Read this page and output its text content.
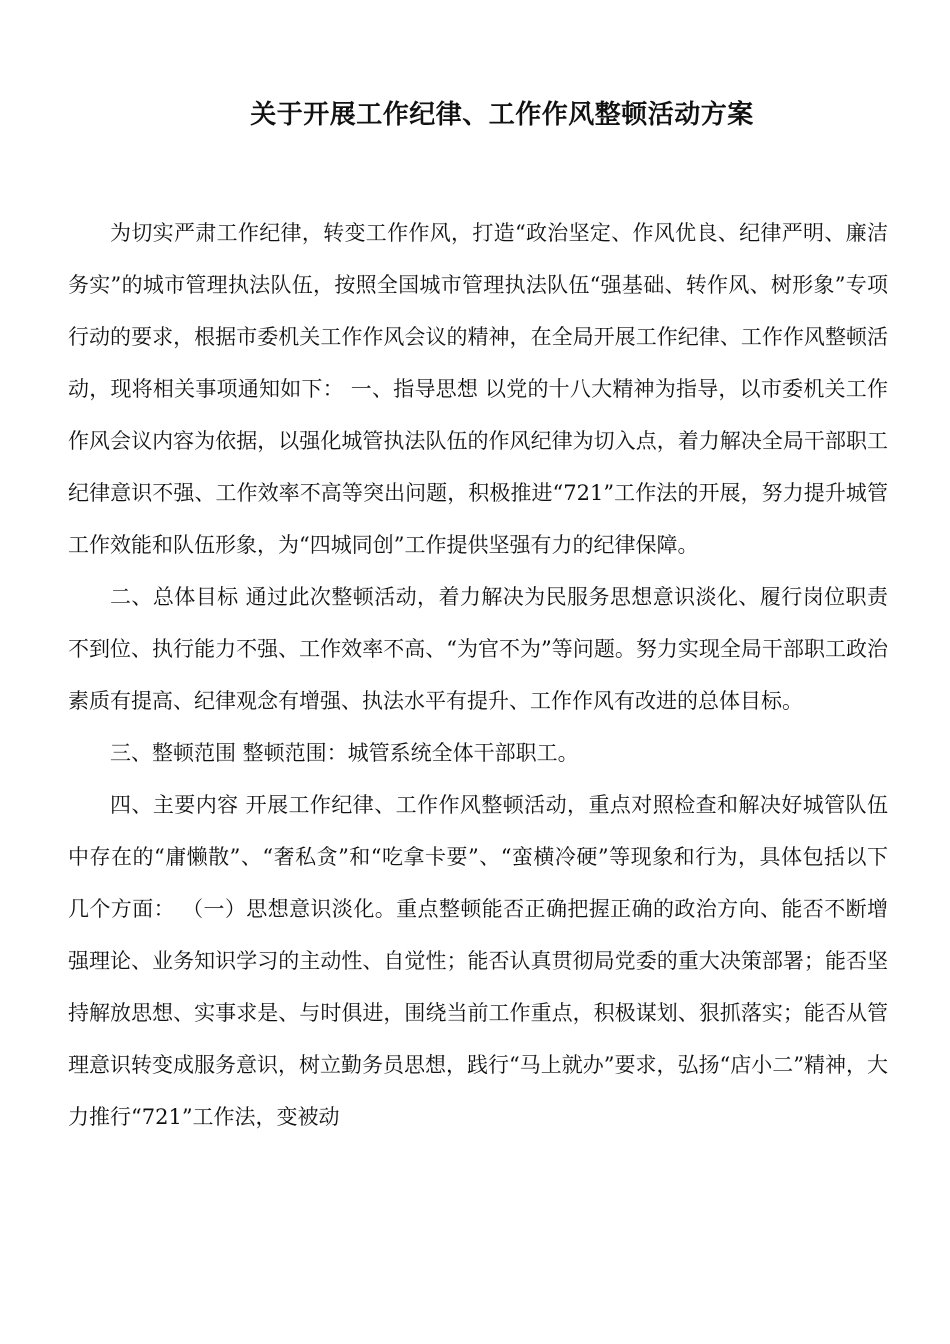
关于开展工作纪律、工作作风整顿活动方案

为切实严肃工作纪律，转变工作作风，打造“政治坚定、作风优良、纪律严明、廉洁务实”的城市管理执法队伍，按照全国城市管理执法队伍“强基础、转作风、树形象”专项行动的要求，根据市委机关工作作风会议的精神，在全局开展工作纪律、工作作风整顿活动，现将相关事项通知如下： 一、指导思想 以党的十八大精神为指导，以市委机关工作作风会议内容为依据，以强化城管执法队伍的作风纪律为切入点，着力解决全局干部职工纪律意识不强、工作效率不高等突出问题，积极推进“721”工作法的开展，努力提升城管工作效能和队伍形象，为“四城同创”工作提供坚强有力的纪律保障。

二、总体目标 通过此次整顿活动，着力解决为民服务思想意识淡化、履行岗位职责不到位、执行能力不强、工作效率不高、“为官不为”等问题。努力实现全局干部职工政治素质有提高、纪律观念有增强、执法水平有提升、工作作风有改进的总体目标。

三、整顿范围 整顿范围：城管系统全体干部职工。

四、主要内容 开展工作纪律、工作作风整顿活动，重点对照检查和解决好城管队伍中存在的“庸懒散”、“奢私贪”和“吃拿卡要”、“蛮横冷硬”等现象和行为，具体包括以下几个方面： （一）思想意识淡化。重点整顿能否正确把握正确的政治方向、能否不断增强理论、业务知识学习的主动性、自觉性；能否认真贯彻局党委的重大决策部署；能否坚持解放思想、实事求是、与时俱进，围绕当前工作重点，积极谋划、狠抓落实；能否从管理意识转变成服务意识，树立勤务员思想，践行“马上就办”要求，弘扬“店小二”精神，大力推行“721”工作法，变被动
